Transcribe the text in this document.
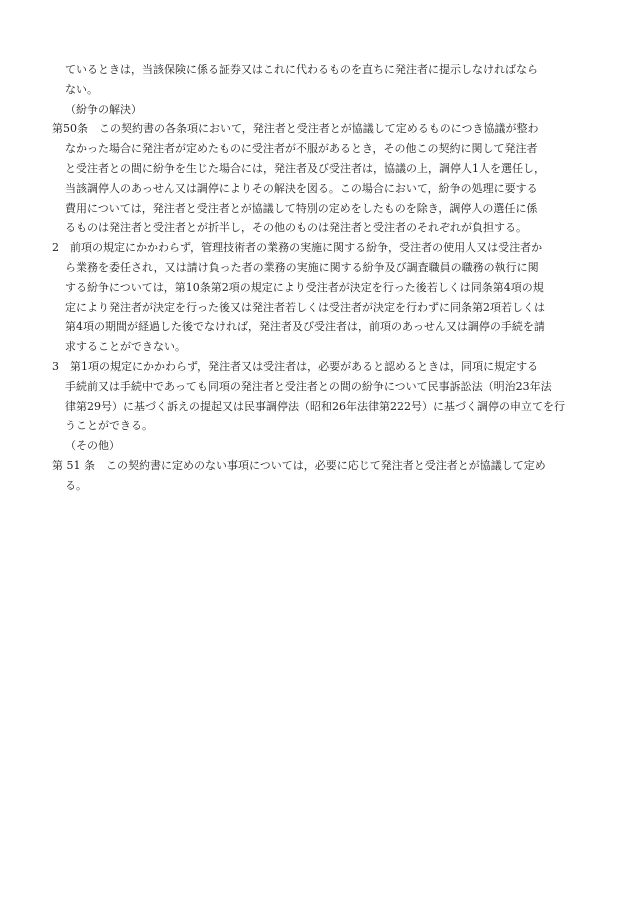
ているときは，当該保険に係る証券又はこれに代わるものを直ちに発注者に提示しなければなら
ない。
（紛争の解決）
第50条　この契約書の各条項において，発注者と受注者とが協議して定めるものにつき協議が整わ
なかった場合に発注者が定めたものに受注者が不服があるとき，その他この契約に関して発注者
と受注者との間に紛争を生じた場合には，発注者及び受注者は，協議の上，調停人1人を選任し，
当該調停人のあっせん又は調停によりその解決を図る。この場合において，紛争の処理に要する
費用については，発注者と受注者とが協議して特別の定めをしたものを除き，調停人の選任に係
るものは発注者と受注者とが折半し，その他のものは発注者と受注者のそれぞれが負担する。
2　前項の規定にかかわらず，管理技術者の業務の実施に関する紛争，受注者の使用人又は受注者か
ら業務を委任され，又は請け負った者の業務の実施に関する紛争及び調査職員の職務の執行に関
する紛争については，第10条第2項の規定により受注者が決定を行った後若しくは同条第4項の規
定により発注者が決定を行った後又は発注者若しくは受注者が決定を行わずに同条第2項若しくは
第4項の期間が経過した後でなければ，発注者及び受注者は，前項のあっせん又は調停の手続を請
求することができない。
3　第1項の規定にかかわらず，発注者又は受注者は，必要があると認めるときは，同項に規定する
手続前又は手続中であっても同項の発注者と受注者との間の紛争について民事訴訟法（明治23年法
律第29号）に基づく訴えの提起又は民事調停法（昭和26年法律第222号）に基づく調停の申立てを行
うことができる。
（その他）
第 51 条　この契約書に定めのない事項については，必要に応じて発注者と受注者とが協議して定め
る。
